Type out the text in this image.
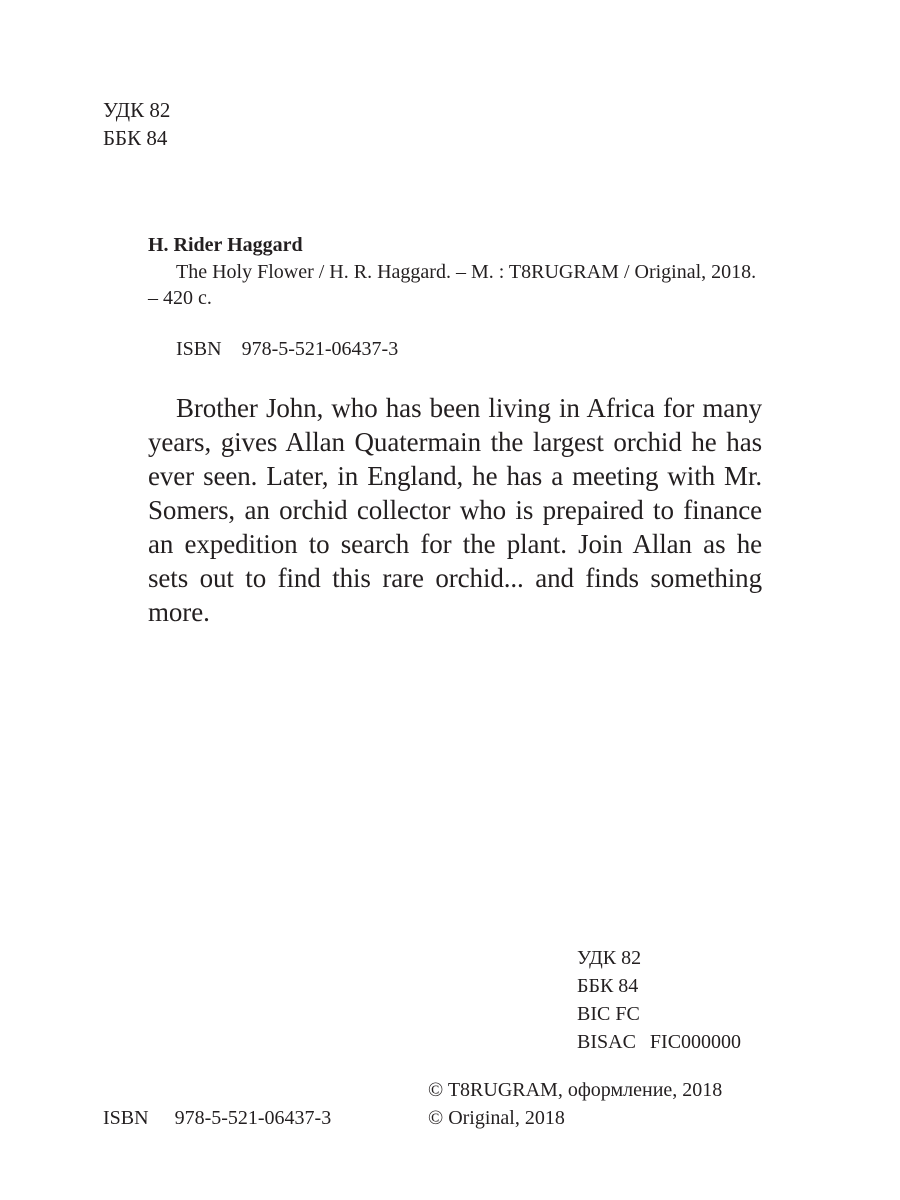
УДК 82
ББК 84
H. Rider Haggard
The Holy Flower / H. R. Haggard. – M. : T8RUGRAM / Original, 2018. – 420 c.
ISBN 978-5-521-06437-3
Brother John, who has been living in Africa for many years, gives Allan Quatermain the largest orchid he has ever seen. Later, in England, he has a meeting with Mr. Somers, an orchid collector who is prepaired to finance an expedition to search for the plant. Join Allan as he sets out to find this rare orchid... and finds something more.
УДК 82
ББК 84
BIC FC
BISAC FIC000000
© T8RUGRAM, оформление, 2018
© Original, 2018
ISBN 978-5-521-06437-3
